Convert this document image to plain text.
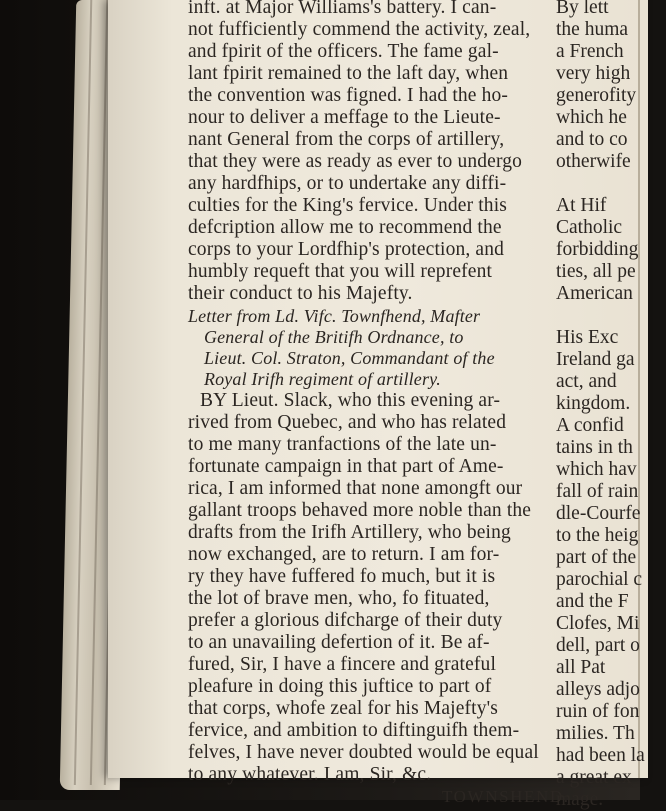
inft. at Major Williams's battery. I can-
not fufficiently commend the activity, zeal,
and fpirit of the officers. The fame gal-
lant fpirit remained to the laft day, when
the convention was figned. I had the ho-
nour to deliver a meffage to the Lieute-
nant General from the corps of artillery,
that they were as ready as ever to undergo
any hardfhips, or to undertake any diffi-
culties for the King's fervice. Under this
defcription allow me to recommend the
corps to your Lordfhip's protection, and
humbly requeft that you will reprefent
their conduct to his Majefty.
Letter from Ld. Vifc. Townfhend, Mafter
General of the Britifh Ordnance, to
Lieut. Col. Straton, Commandant of the
Royal Irifh regiment of artillery.
BY Lieut. Slack, who this evening ar-
rived from Quebec, and who has related
to me many tranfactions of the late un-
fortunate campaign in that part of Ame-
rica, I am informed that none amongft our
gallant troops behaved more noble than the
drafts from the Irifh Artillery, who being
now exchanged, are to return. I am for-
ry they have fuffered fo much, but it is
the lot of brave men, who, fo fituated,
prefer a glorious difcharge of their duty
to an unavailing defertion of it. Be af-
fured, Sir, I have a fincere and grateful
pleafure in doing this juftice to part of
that corps, whofe zeal for his Majefty's
fervice, and ambition to diftinguifh them-
felves, I have never doubted would be equal
to any whatever. I am, Sir, &c.
TOWNSHEND.
By lett
the huma
a French
very high
generofity
which he
and to co
otherwife
At Hif
Catholic
forbidding
ties, all pe
American
His Exc
Ireland ga
act, and
kingdom.
A confid
tains in th
which hav
fall of rain
dle-Courfe
to the heig
part of the
parochial c
and the F
Clofes, Mi
dell, part o
all Pat
alleys adjo
ruin of fon
milies. Th
had been la
a great ex
mage.
